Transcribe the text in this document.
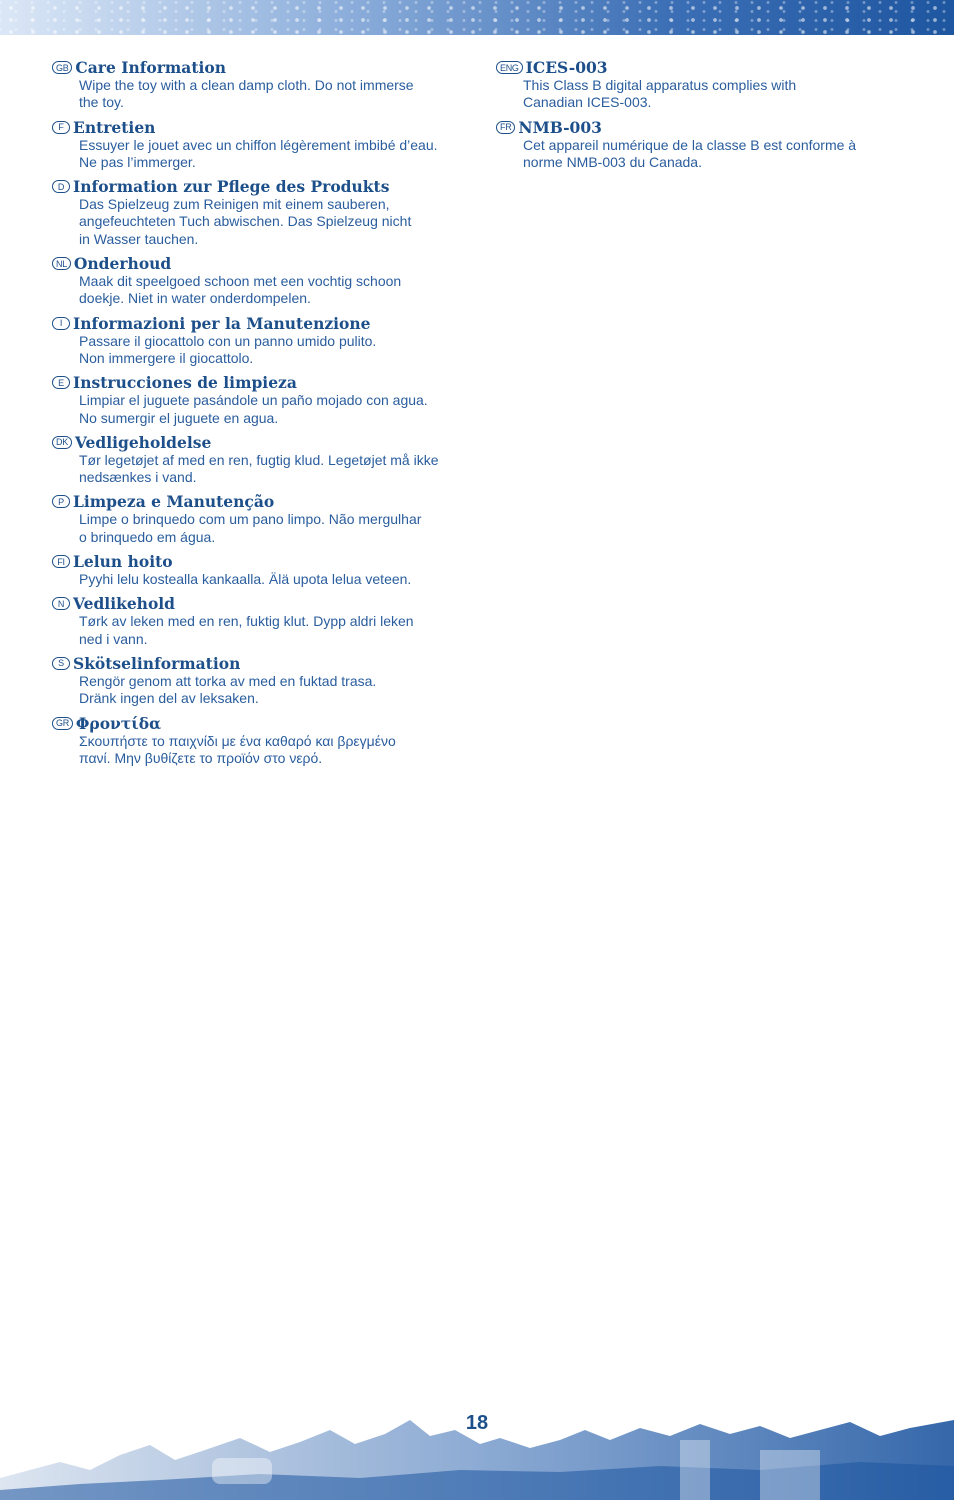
GB Care Information
Wipe the toy with a clean damp cloth. Do not immerse
the toy.
F Entretien
Essuyer le jouet avec un chiffon légèrement imbibé d’eau.
Ne pas l’immerger.
D Information zur Pflege des Produkts
Das Spielzeug zum Reinigen mit einem sauberen,
angefeuchteten Tuch abwischen. Das Spielzeug nicht
in Wasser tauchen.
NL Onderhoud
Maak dit speelgoed schoon met een vochtig schoon
doekje. Niet in water onderdompelen.
I Informazioni per la Manutenzione
Passare il giocattolo con un panno umido pulito.
Non immergere il giocattolo.
E Instrucciones de limpieza
Limpiar el juguete pasándole un paño mojado con agua.
No sumergir el juguete en agua.
DK Vedligeholdelse
Tør legetøjet af med en ren, fugtig klud. Legetøjet må ikke
nedsænkes i vand.
P Limpeza e Manutenção
Limpe o brinquedo com um pano limpo. Não mergulhar
o brinquedo em água.
FI Lelun hoito
Pyyhi lelu kostealla kankaalla. Älä upota lelua veteen.
N Vedlikehold
Tørk av leken med en ren, fuktig klut. Dypp aldri leken
ned i vann.
S Skötselinformation
Rengör genom att torka av med en fuktad trasa.
Dränk ingen del av leksaken.
GR Φροντίδα
Σκουπήστε το παιχνίδι με ένα καθαρό και βρεγμένο
πανί. Μην βυθίζετε το προϊόν στο νερό.
ENG ICES-003
This Class B digital apparatus complies with
Canadian ICES-003.
FR NMB-003
Cet appareil numérique de la classe B est conforme à
norme NMB-003 du Canada.
18
